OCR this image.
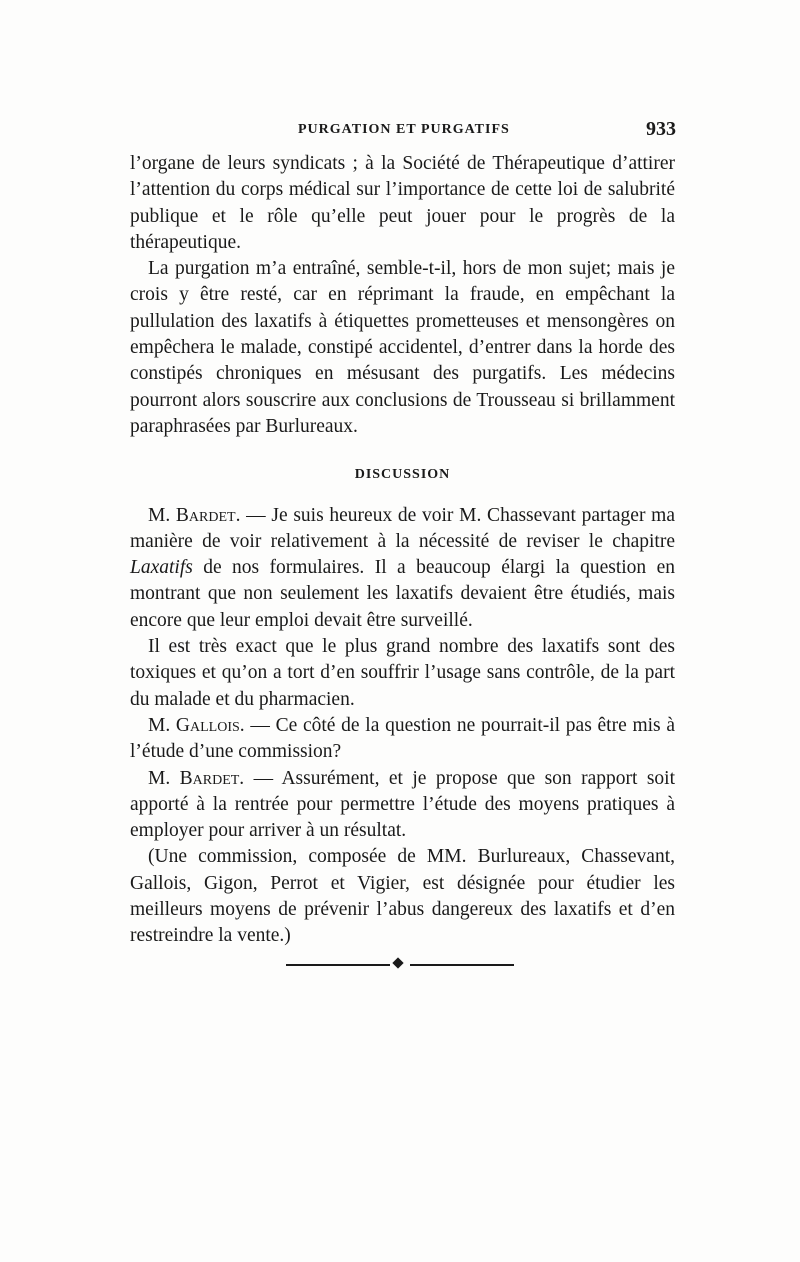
PURGATION ET PURGATIFS	933

l’organe de leurs syndicats ; à la Société de Thérapeutique d’attirer l’attention du corps médical sur l’importance de cette loi de salubrité publique et le rôle qu’elle peut jouer pour le progrès de la thérapeutique.

La purgation m’a entraîné, semble-t-il, hors de mon sujet; mais je crois y être resté, car en réprimant la fraude, en empêchant la pullulation des laxatifs à étiquettes prometteuses et mensongères on empêchera le malade, constipé accidentel, d’entrer dans la horde des constipés chroniques en mésusant des purgatifs. Les médecins pourront alors souscrire aux conclusions de Trousseau si brillamment paraphrasées par Burlureaux.

DISCUSSION

M. Bardet. — Je suis heureux de voir M. Chassevant partager ma manière de voir relativement à la nécessité de reviser le chapitre Laxatifs de nos formulaires. Il a beaucoup élargi la question en montrant que non seulement les laxatifs devaient être étudiés, mais encore que leur emploi devait être surveillé.

Il est très exact que le plus grand nombre des laxatifs sont des toxiques et qu’on a tort d’en souffrir l’usage sans contrôle, de la part du malade et du pharmacien.

M. Gallois. — Ce côté de la question ne pourrait-il pas être mis à l’étude d’une commission?

M. Bardet. — Assurément, et je propose que son rapport soit apporté à la rentrée pour permettre l’étude des moyens pratiques à employer pour arriver à un résultat.

(Une commission, composée de MM. Burlureaux, Chassevant, Gallois, Gigon, Perrot et Vigier, est désignée pour étudier les meilleurs moyens de prévenir l’abus dangereux des laxatifs et d’en restreindre la vente.)
